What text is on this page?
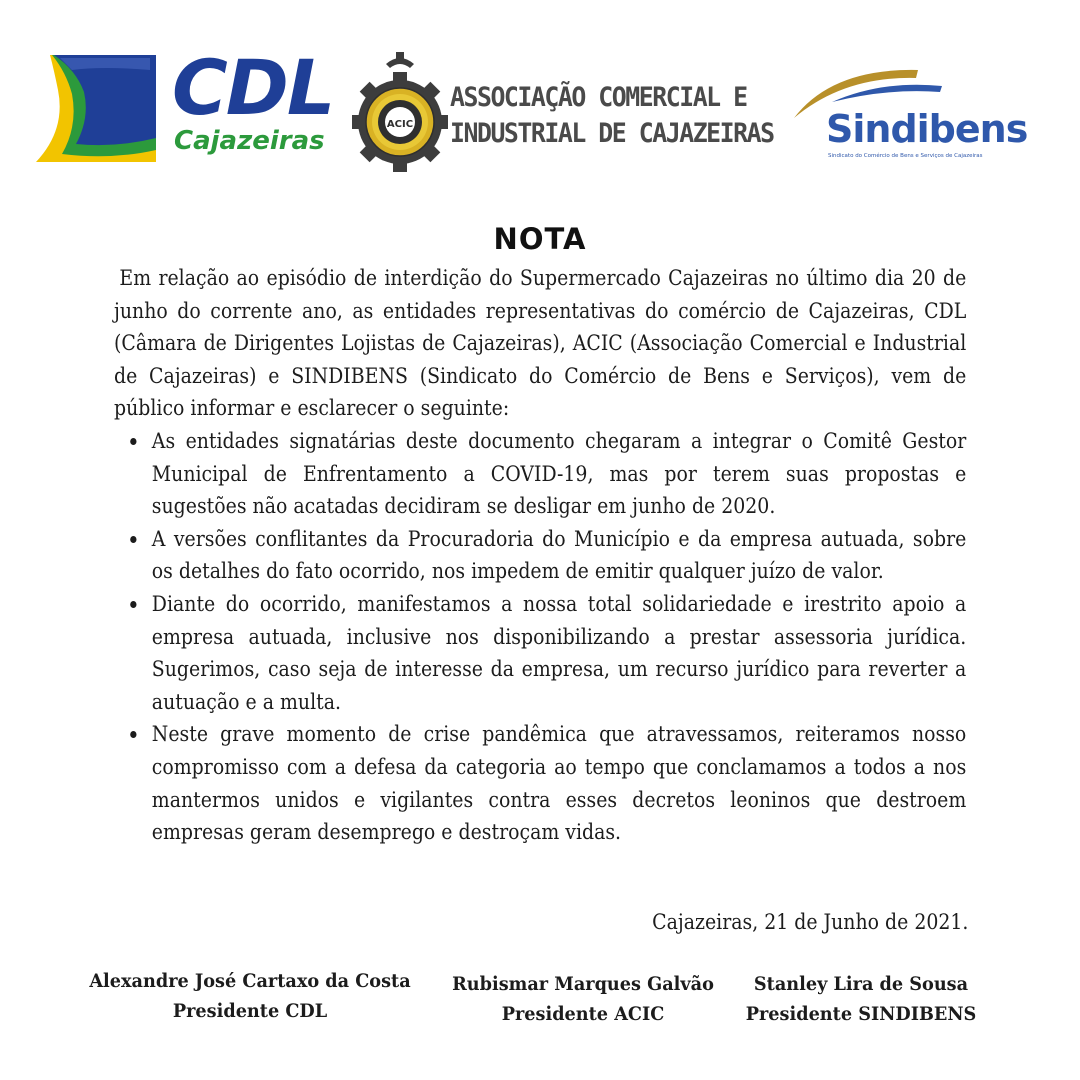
CDL
Cajazeiras
ACIC
ASSOCIAÇÃO COMERCIAL E
INDUSTRIAL DE CAJAZEIRAS Sindibens
Sindicato do Comércio de Bens e Serviços de Cajazeiras
NOTA

Em relação ao episódio de interdição do Supermercado Cajazeiras no último dia 20 de junho do corrente ano, as entidades representativas do comércio de Cajazeiras, CDL (Câmara de Dirigentes Lojistas de Cajazeiras), ACIC (Associação Comercial e Industrial de Cajazeiras) e SINDIBENS (Sindicato do Comércio de Bens e Serviços), vem de público informar e esclarecer o seguinte:

As entidades signatárias deste documento chegaram a integrar o Comitê Gestor Municipal de Enfrentamento a COVID-19, mas por terem suas propostas e sugestões não acatadas decidiram se desligar em junho de 2020.
A versões conflitantes da Procuradoria do Município e da empresa autuada, sobre os detalhes do fato ocorrido, nos impedem de emitir qualquer juízo de valor.
Diante do ocorrido, manifestamos a nossa total solidariedade e irestrito apoio a empresa autuada, inclusive nos disponibilizando a prestar assessoria jurídica. Sugerimos, caso seja de interesse da empresa, um recurso jurídico para reverter a autuação e a multa.
Neste grave momento de crise pandêmica que atravessamos, reiteramos nosso compromisso com a defesa da categoria ao tempo que conclamamos a todos a nos mantermos unidos e vigilantes contra esses decretos leoninos que destroem empresas geram desemprego e destroçam vidas.
Cajazeiras, 21 de Junho de 2021.
Alexandre José Cartaxo da Costa
Presidente CDL
Rubismar Marques Galvão
Presidente ACIC
Stanley Lira de Sousa
Presidente SINDIBENS
